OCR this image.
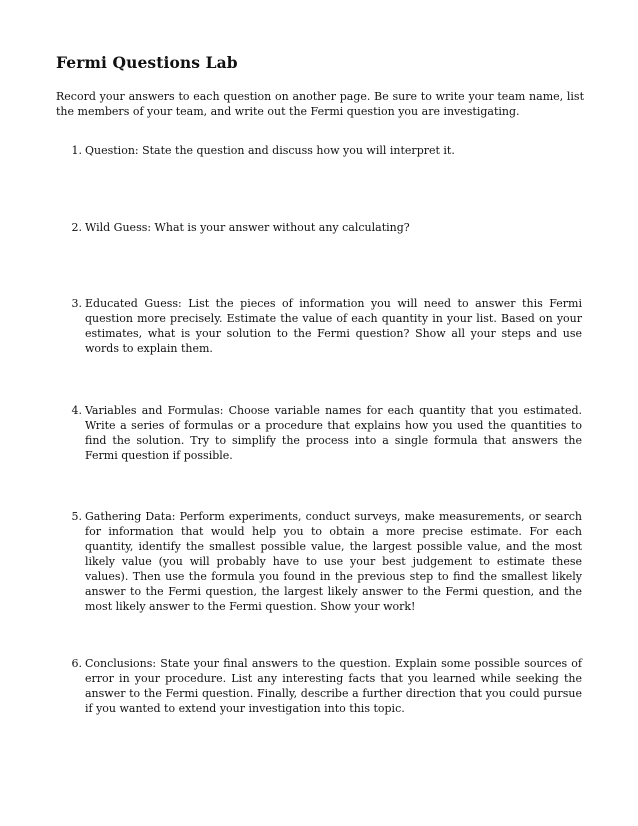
Fermi Questions Lab
Record your answers to each question on another page. Be sure to write your team name, list the members of your team, and write out the Fermi question you are investigating.
1. Question: State the question and discuss how you will interpret it.
2. Wild Guess: What is your answer without any calculating?
3. Educated Guess: List the pieces of information you will need to answer this Fermi question more precisely. Estimate the value of each quantity in your list. Based on your estimates, what is your solution to the Fermi question? Show all your steps and use words to explain them.
4. Variables and Formulas: Choose variable names for each quantity that you estimated. Write a series of formulas or a procedure that explains how you used the quantities to find the solution. Try to simplify the process into a single formula that answers the Fermi question if possible.
5. Gathering Data: Perform experiments, conduct surveys, make measurements, or search for information that would help you to obtain a more precise estimate. For each quantity, identify the smallest possible value, the largest possible value, and the most likely value (you will probably have to use your best judgement to estimate these values). Then use the formula you found in the previous step to find the smallest likely answer to the Fermi question, the largest likely answer to the Fermi question, and the most likely answer to the Fermi question. Show your work!
6. Conclusions: State your final answers to the question. Explain some possible sources of error in your procedure. List any interesting facts that you learned while seeking the answer to the Fermi question. Finally, describe a further direction that you could pursue if you wanted to extend your investigation into this topic.
